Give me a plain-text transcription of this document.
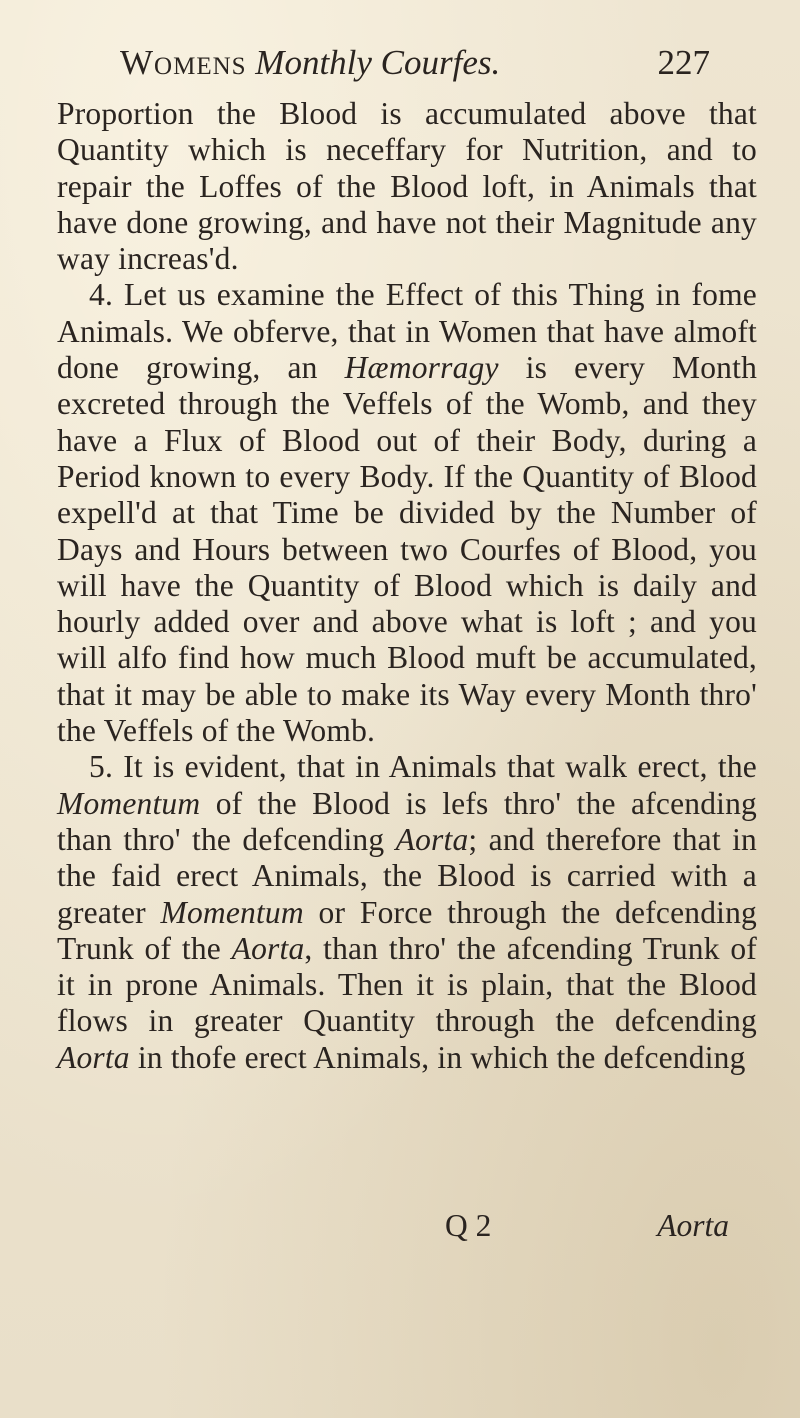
Womens Monthly Courfes.	227

Proportion the Blood is accumulated above that Quantity which is neceffary for Nutrition, and to repair the Loffes of the Blood loft, in Animals that have done growing, and have not their Magnitude any way increas'd.

4. Let us examine the Effect of this Thing in fome Animals. We obferve, that in Women that have almoft done growing, an Hæmorragy is every Month excreted through the Veffels of the Womb, and they have a Flux of Blood out of their Body, during a Period known to every Body. If the Quantity of Blood expell'd at that Time be divided by the Number of Days and Hours between two Courfes of Blood, you will have the Quantity of Blood which is daily and hourly added over and above what is loft ; and you will alfo find how much Blood muft be accumulated, that it may be able to make its Way every Month thro' the Veffels of the Womb.

5. It is evident, that in Animals that walk erect, the Momentum of the Blood is lefs thro' the afcending than thro' the defcending Aorta; and therefore that in the faid erect Animals, the Blood is carried with a greater Momentum or Force through the defcending Trunk of the Aorta, than thro' the afcending Trunk of it in prone Animals. Then it is plain, that the Blood flows in greater Quantity through the defcending Aorta in thofe erect Animals, in which the defcending

Q 2	Aorta
